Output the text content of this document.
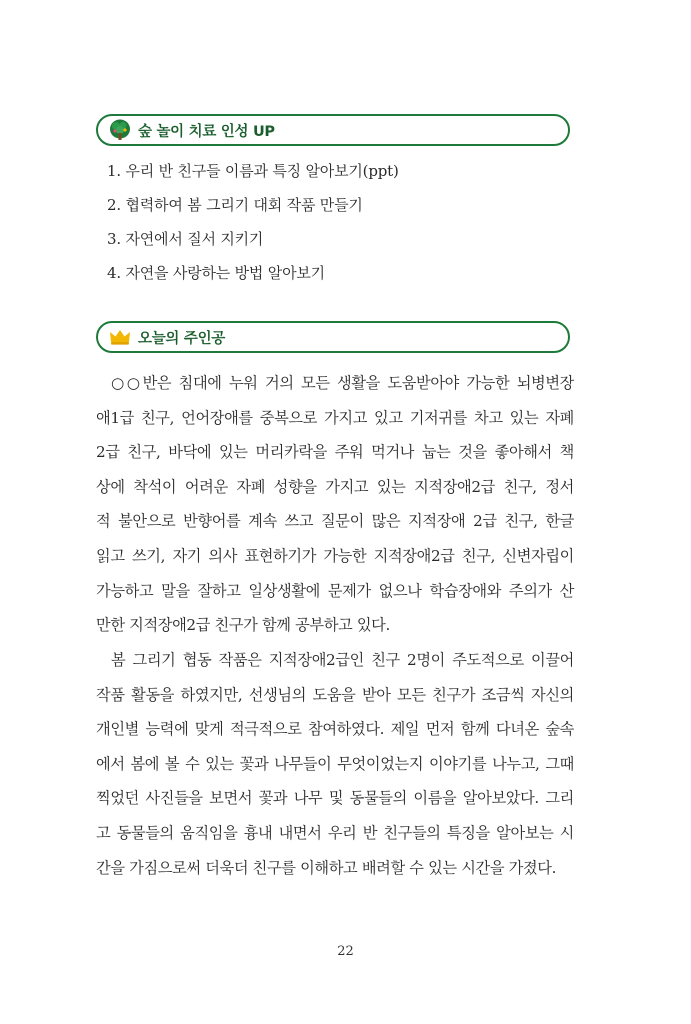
숲 놀이 치료 인성 UP
1. 우리 반 친구들 이름과 특징 알아보기(ppt)
2. 협력하여 봄 그리기 대회 작품 만들기
3. 자연에서 질서 지키기
4. 자연을 사랑하는 방법 알아보기
오늘의 주인공

○○반은 침대에 누워 거의 모든 생활을 도움받아야 가능한 뇌병변장
애1급 친구, 언어장애를 중복으로 가지고 있고 기저귀를 차고 있는 자폐
2급 친구, 바닥에 있는 머리카락을 주워 먹거나 눕는 것을 좋아해서 책
상에 착석이 어려운 자폐 성향을 가지고 있는 지적장애2급 친구, 정서
적 불안으로 반향어를 계속 쓰고 질문이 많은 지적장애 2급 친구, 한글
읽고 쓰기, 자기 의사 표현하기가 가능한 지적장애2급 친구, 신변자립이
가능하고 말을 잘하고 일상생활에 문제가 없으나 학습장애와 주의가 산
만한 지적장애2급 친구가 함께 공부하고 있다.

봄 그리기 협동 작품은 지적장애2급인 친구 2명이 주도적으로 이끌어
작품 활동을 하였지만, 선생님의 도움을 받아 모든 친구가 조금씩 자신의
개인별 능력에 맞게 적극적으로 참여하였다. 제일 먼저 함께 다녀온 숲속
에서 봄에 볼 수 있는 꽃과 나무들이 무엇이었는지 이야기를 나누고, 그때
찍었던 사진들을 보면서 꽃과 나무 및 동물들의 이름을 알아보았다. 그리
고 동물들의 움직임을 흉내 내면서 우리 반 친구들의 특징을 알아보는 시
간을 가짐으로써 더욱더 친구를 이해하고 배려할 수 있는 시간을 가졌다.

22
